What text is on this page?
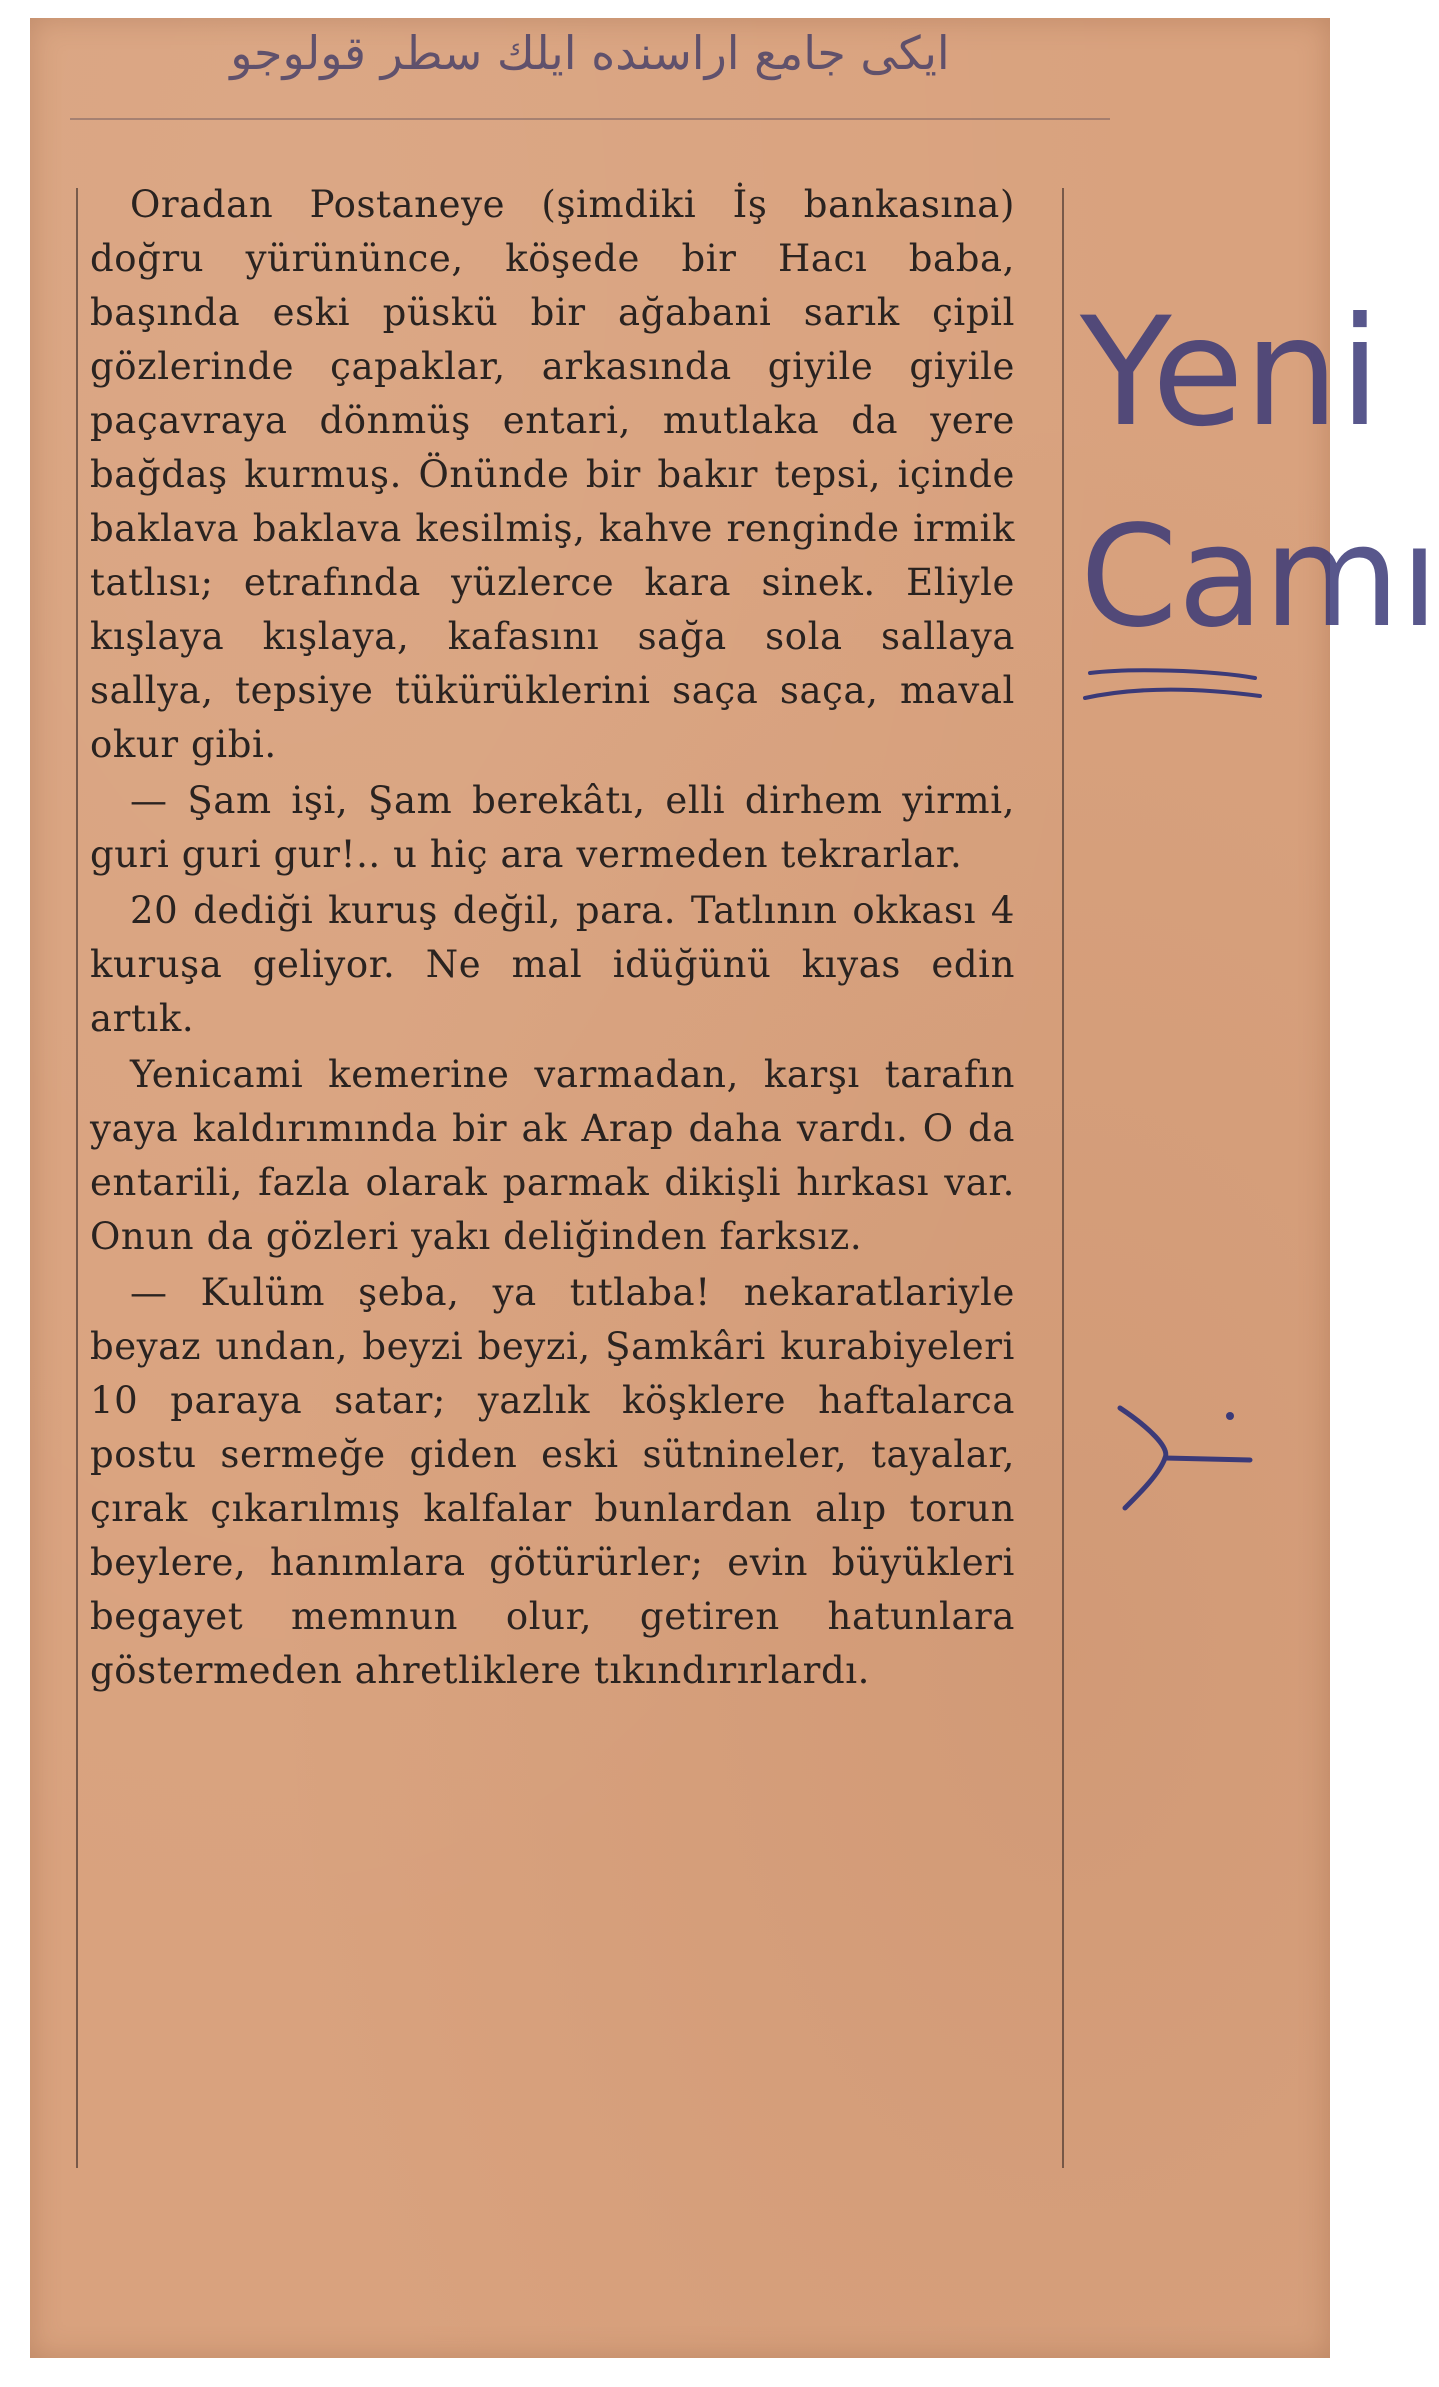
ﺍﻳﻜﻰ ﺟﺎﻣﻊ ﺍﺭﺍﺳﻨﺪﻩ ﺍﻳﻠﻚ ﺳﻄﺮ ﻗﻮﻟﻮﺟﻮ

Oradan Postaneye (şimdiki İş bankasına) doğru yürününce, köşede bir Hacı baba, başında eski püskü bir ağabani sarık çipil gözlerinde çapaklar, arkasında giyile giyile paçavraya dönmüş entari, mutlaka da yere bağdaş kurmuş. Önünde bir bakır tepsi, içinde baklava baklava kesilmiş, kahve renginde irmik tatlısı; etrafında yüzlerce kara sinek. Eliyle kışlaya kışlaya, kafasını sağa sola sallaya sallya, tepsiye tükürüklerini saça saça, maval okur gibi.

— Şam işi, Şam berekâtı, elli dirhem yirmi, guri guri gur!.. u hiç ara vermeden tekrarlar.

20 dediği kuruş değil, para. Tatlının okkası 4 kuruşa geliyor. Ne mal idüğünü kıyas edin artık.

Yenicami kemerine varmadan, karşı tarafın yaya kaldırımında bir ak Arap daha vardı. O da entarili, fazla olarak parmak dikişli hırkası var. Onun da gözleri yakı deliğinden farksız.

— Kulüm şeba, ya tıtlaba! nekaratlariyle beyaz undan, beyzi beyzi, Şamkâri kurabiyeleri 10 paraya satar; yazlık köşklere haftalarca postu sermeğe giden eski sütnineler, tayalar, çırak çıkarılmış kalfalar bunlardan alıp torun beylere, hanımlara götürürler; evin büyükleri begayet memnun olur, getiren hatunlara göstermeden ahretliklere tıkındırırlardı.

Yeni
Camı
